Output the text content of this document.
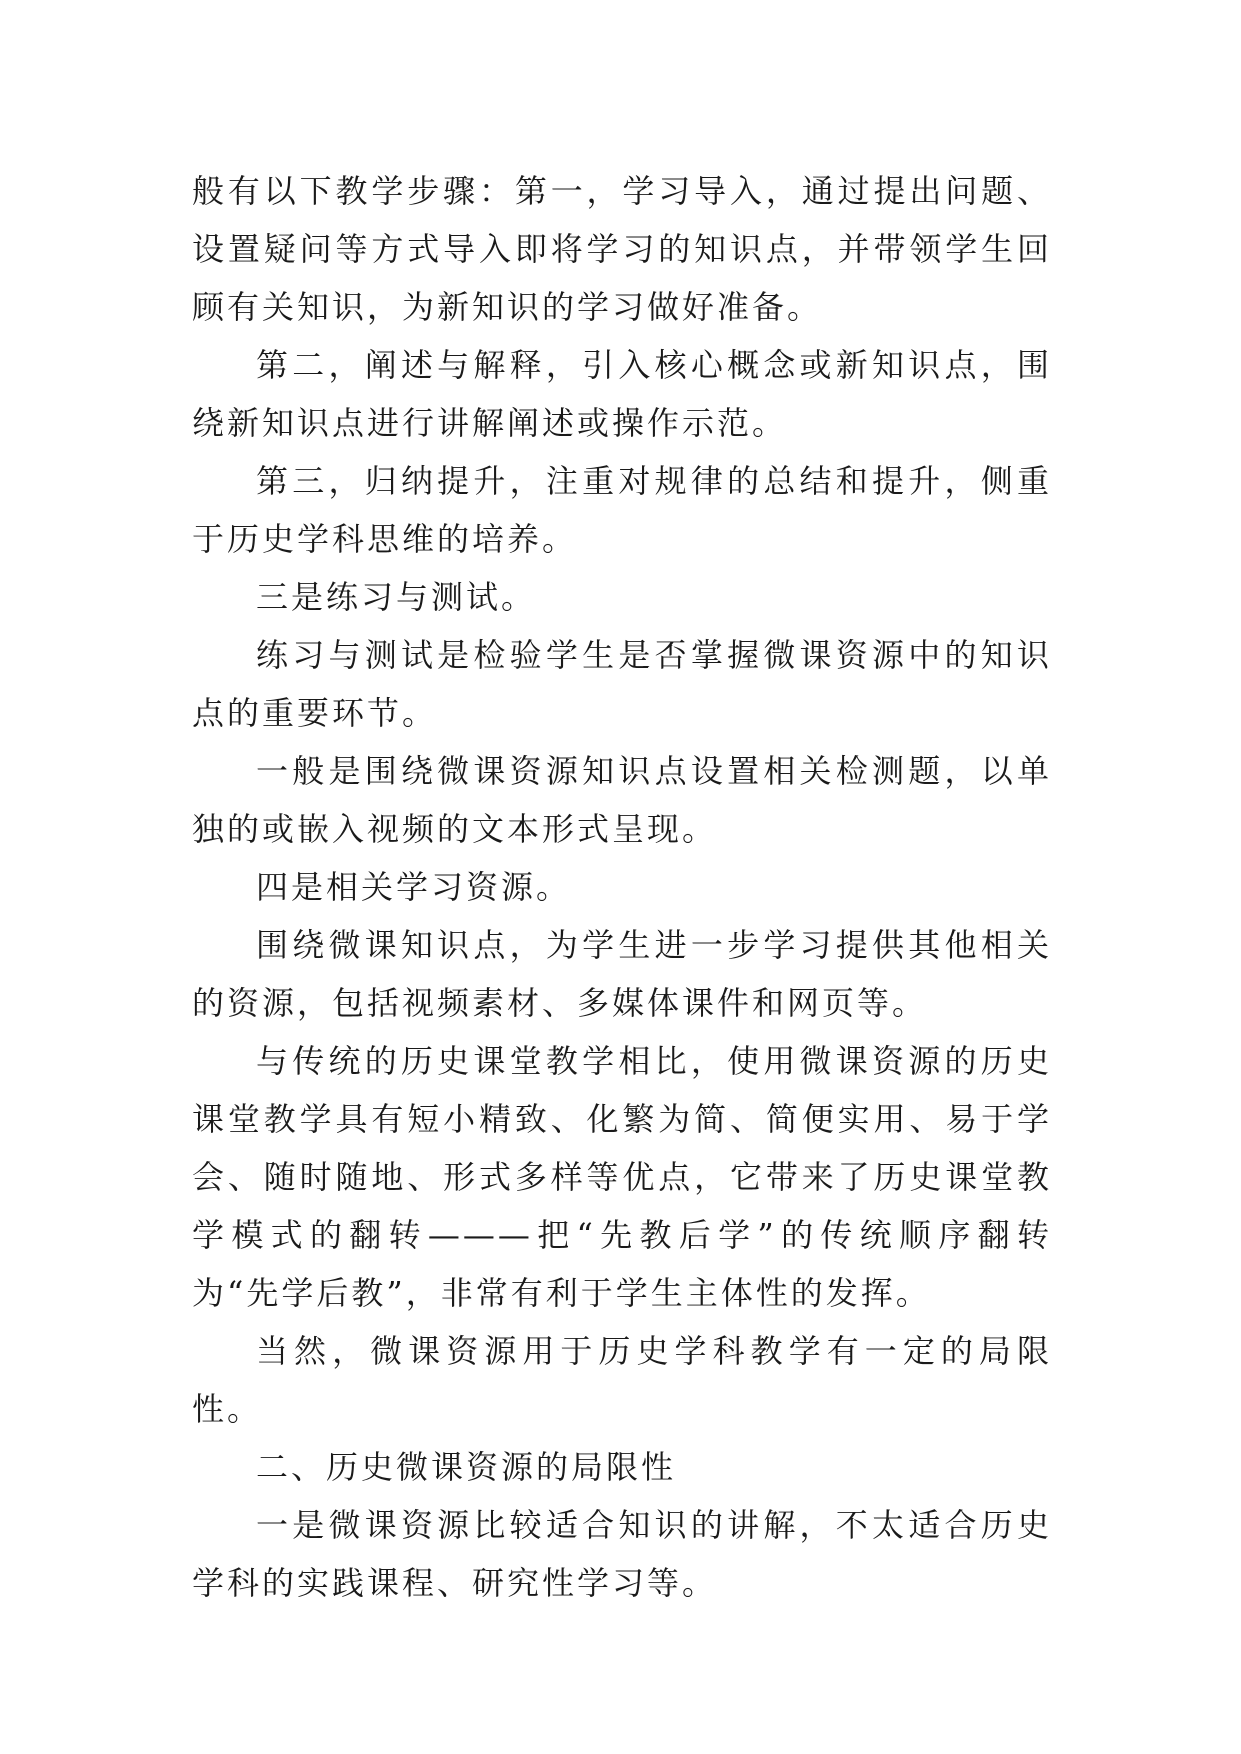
般有以下教学步骤：第一，学习导入，通过提出问题、设置疑问等方式导入即将学习的知识点，并带领学生回顾有关知识，为新知识的学习做好准备。

第二，阐述与解释，引入核心概念或新知识点，围绕新知识点进行讲解阐述或操作示范。

第三，归纳提升，注重对规律的总结和提升，侧重于历史学科思维的培养。

三是练习与测试。

练习与测试是检验学生是否掌握微课资源中的知识点的重要环节。

一般是围绕微课资源知识点设置相关检测题，以单独的或嵌入视频的文本形式呈现。

四是相关学习资源。

围绕微课知识点，为学生进一步学习提供其他相关的资源，包括视频素材、多媒体课件和网页等。

与传统的历史课堂教学相比，使用微课资源的历史课堂教学具有短小精致、化繁为简、简便实用、易于学会、随时随地、形式多样等优点，它带来了历史课堂教学模式的翻转———把“先教后学”的传统顺序翻转为“先学后教”，非常有利于学生主体性的发挥。

当然，微课资源用于历史学科教学有一定的局限性。

二、历史微课资源的局限性

一是微课资源比较适合知识的讲解，不太适合历史学科的实践课程、研究性学习等。
